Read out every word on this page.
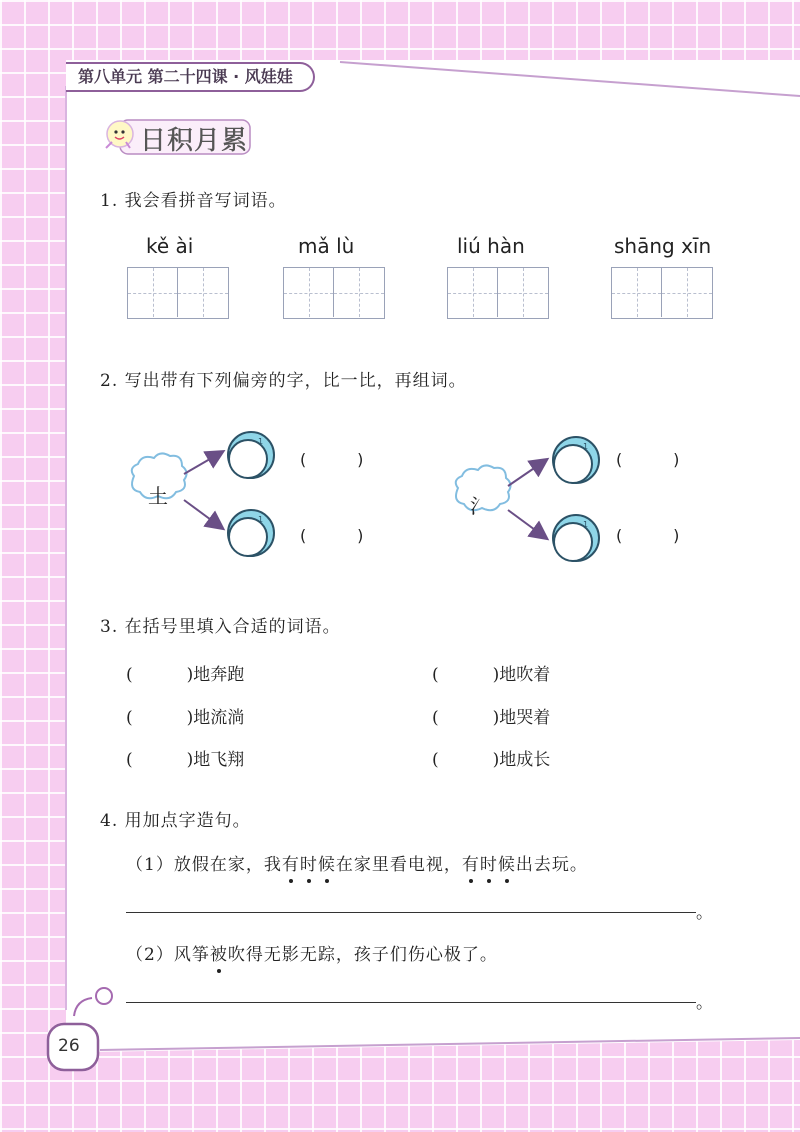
第八单元 第二十四课 · 风娃娃
日积月累
1. 我会看拼音写词语。
kě ài	mǎ lù	liú hàn	shāng xīn
2. 写出带有下列偏旁的字，比一比，再组词。
1
1
1
1
土	氵
(          )
(          )
(          )
(          )
3. 在括号里填入合适的词语。
(          )地奔跑	(          )地吹着
(          )地流淌	(          )地哭着
(          )地飞翔	(          )地成长
4. 用加点字造句。
（1）放假在家，我有时候在家里看电视，有时候出去玩。
。
（2）风筝被吹得无影无踪，孩子们伤心极了。
。
26
